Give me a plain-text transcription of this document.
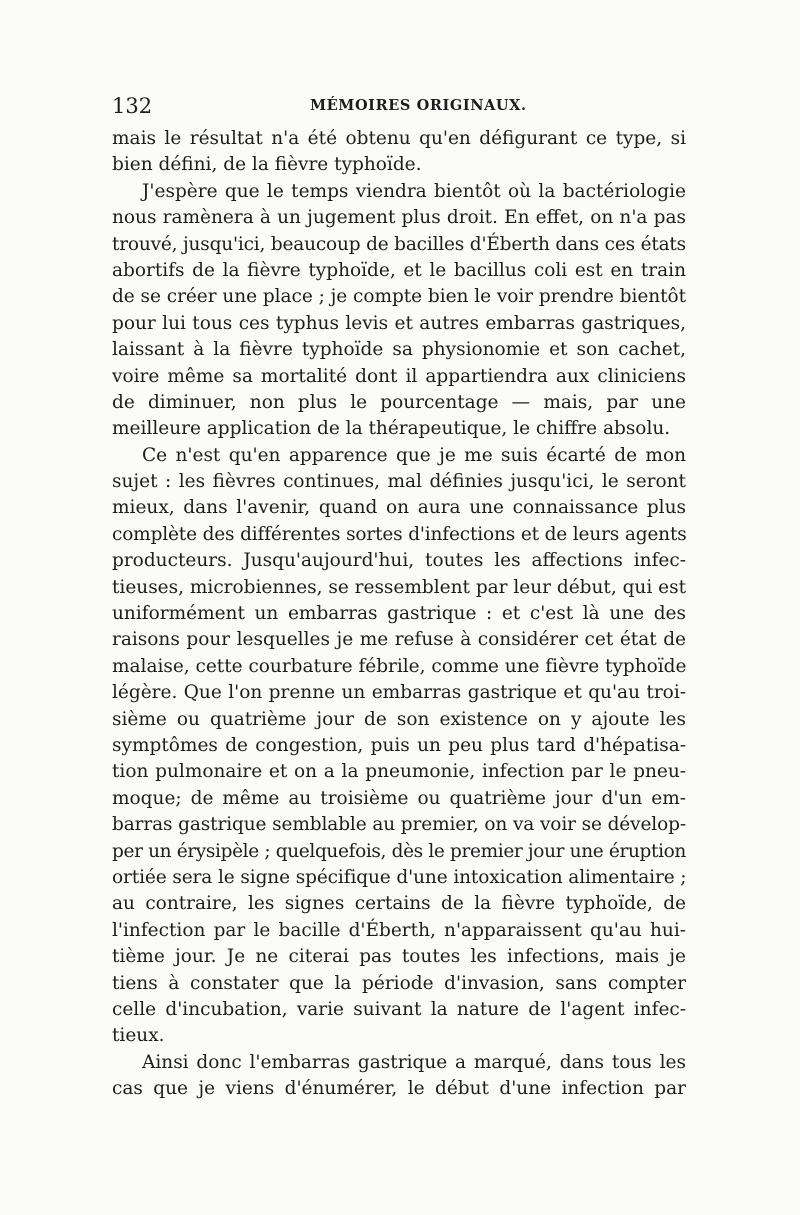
132	MÉMOIRES ORIGINAUX.
mais le résultat n'a été obtenu qu'en défigurant ce type, si
bien défini, de la fièvre typhoïde.
J'espère que le temps viendra bientôt où la bactériologie
nous ramènera à un jugement plus droit. En effet, on n'a pas
trouvé, jusqu'ici, beaucoup de bacilles d'Éberth dans ces états
abortifs de la fièvre typhoïde, et le bacillus coli est en train
de se créer une place ; je compte bien le voir prendre bientôt
pour lui tous ces typhus levis et autres embarras gastriques,
laissant à la fièvre typhoïde sa physionomie et son cachet,
voire même sa mortalité dont il appartiendra aux cliniciens
de diminuer, non plus le pourcentage — mais, par une
meilleure application de la thérapeutique, le chiffre absolu.
Ce n'est qu'en apparence que je me suis écarté de mon
sujet : les fièvres continues, mal définies jusqu'ici, le seront
mieux, dans l'avenir, quand on aura une connaissance plus
complète des différentes sortes d'infections et de leurs agents
producteurs. Jusqu'aujourd'hui, toutes les affections infec-
tieuses, microbiennes, se ressemblent par leur début, qui est
uniformément un embarras gastrique : et c'est là une des
raisons pour lesquelles je me refuse à considérer cet état de
malaise, cette courbature fébrile, comme une fièvre typhoïde
légère. Que l'on prenne un embarras gastrique et qu'au troi-
sième ou quatrième jour de son existence on y ajoute les
symptômes de congestion, puis un peu plus tard d'hépatisa-
tion pulmonaire et on a la pneumonie, infection par le pneu-
moque; de même au troisième ou quatrième jour d'un em-
barras gastrique semblable au premier, on va voir se dévelop-
per un érysipèle ; quelquefois, dès le premier jour une éruption
ortiée sera le signe spécifique d'une intoxication alimentaire ;
au contraire, les signes certains de la fièvre typhoïde, de
l'infection par le bacille d'Éberth, n'apparaissent qu'au hui-
tième jour. Je ne citerai pas toutes les infections, mais je
tiens à constater que la période d'invasion, sans compter
celle d'incubation, varie suivant la nature de l'agent infec-
tieux.
Ainsi donc l'embarras gastrique a marqué, dans tous les
cas que je viens d'énumérer, le début d'une infection par
